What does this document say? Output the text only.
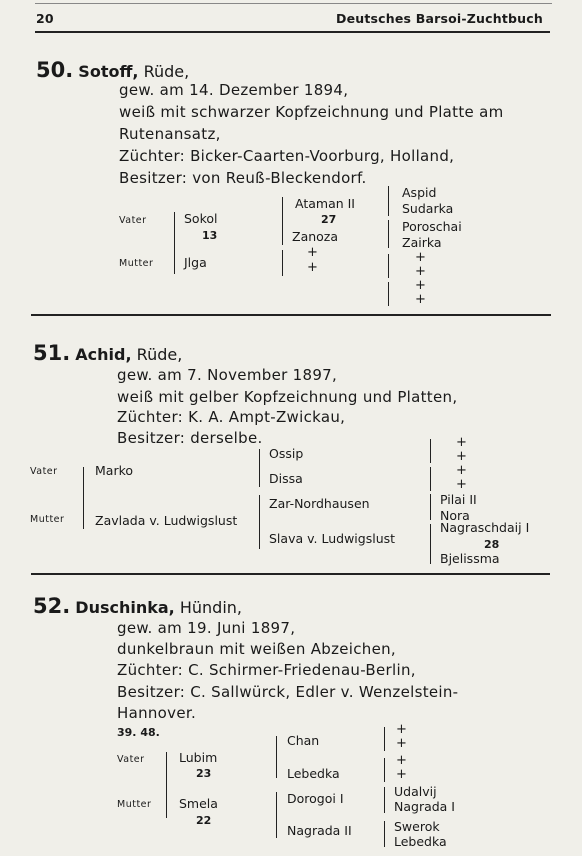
20	Deutsches Barsoi-Zuchtbuch
50. Sotoff, Rüde,
gew. am 14. Dezember 1894,
weiß mit schwarzer Kopfzeichnung und Platte am
Rutenansatz,
Züchter: Bicker-Caarten-Voorburg, Holland,
Besitzer: von Reuß-Bleckendorf.
Vater
Mutter
Sokol
13
Jlga
Ataman II
27
Zanoza
+
+
Aspid
Sudarka
Poroschai
Zairka
+
+
+
+
51. Achid, Rüde,
gew. am 7. November 1897,
weiß mit gelber Kopfzeichnung und Platten,
Züchter: K. A. Ampt-Zwickau,
Besitzer: derselbe.
Vater
Mutter
Marko
Zavlada v. Ludwigslust
Ossip
Dissa
Zar-Nordhausen
Slava v. Ludwigslust
+
+
+
+
Pilai II
Nora
Nagraschdaij I
28
Bjelissma
52. Duschinka, Hündin,
gew. am 19. Juni 1897,
dunkelbraun mit weißen Abzeichen,
Züchter: C. Schirmer-Friedenau-Berlin,
Besitzer: C. Sallwürck, Edler v. Wenzelstein-
Hannover.
39. 48.
Vater
Mutter
Lubim
23
Smela
22
Chan
Lebedka
Dorogoi I
Nagrada II
+
+
+
+
Udalvij
Nagrada I
Swerok
Lebedka
